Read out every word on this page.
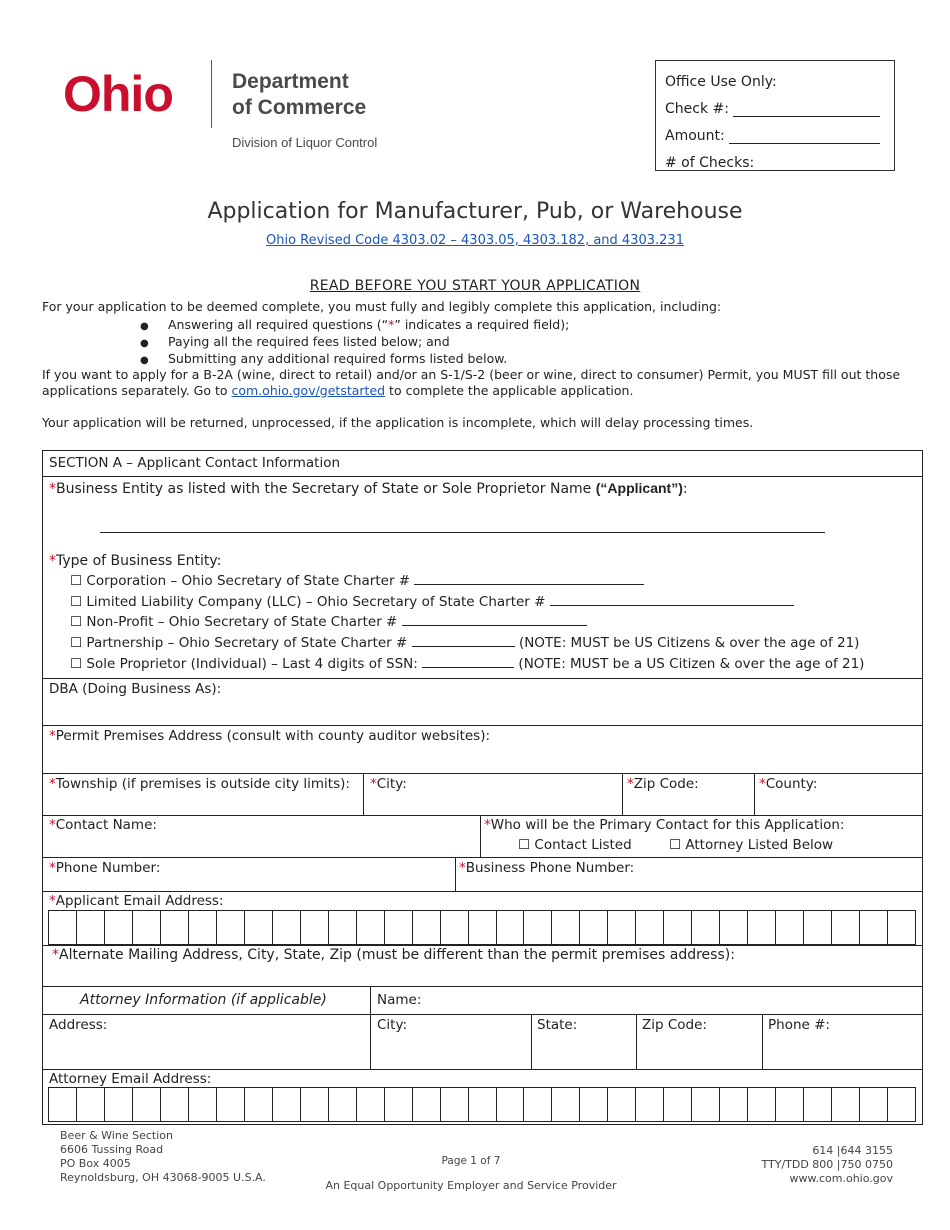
Ohio	Department
of Commerce
Division of Liquor Control
Office Use Only:
Check #:
Amount:
# of Checks:
Application for Manufacturer, Pub, or Warehouse
Ohio Revised Code 4303.02 – 4303.05, 4303.182, and 4303.231
READ BEFORE YOU START YOUR APPLICATION
For your application to be deemed complete, you must fully and legibly complete this application, including:
● Answering all required questions (“*” indicates a required field);
● Paying all the required fees listed below; and
● Submitting any additional required forms listed below.
If you want to apply for a B-2A (wine, direct to retail) and/or an S-1/S-2 (beer or wine, direct to consumer) Permit, you MUST fill out those
applications separately. Go to com.ohio.gov/getstarted to complete the applicable application.
Your application will be returned, unprocessed, if the application is incomplete, which will delay processing times.
SECTION A – Applicant Contact Information
*Business Entity as listed with the Secretary of State or Sole Proprietor Name (“Applicant”):
*Type of Business Entity:
☐ Corporation – Ohio Secretary of State Charter #
☐ Limited Liability Company (LLC) – Ohio Secretary of State Charter #
☐ Non-Profit – Ohio Secretary of State Charter #
☐ Partnership – Ohio Secretary of State Charter #	(NOTE: MUST be US Citizens & over the age of 21)
☐ Sole Proprietor (Individual) – Last 4 digits of SSN:	(NOTE: MUST be a US Citizen & over the age of 21)
DBA (Doing Business As):
*Permit Premises Address (consult with county auditor websites):
*Township (if premises is outside city limits): *City:	*Zip Code:	*County:
*Contact Name:	*Who will be the Primary Contact for this Application:
☐ Contact Listed	☐ Attorney Listed Below
*Phone Number:	*Business Phone Number:
*Applicant Email Address:
*Alternate Mailing Address, City, State, Zip (must be different than the permit premises address):
Attorney Information (if applicable)	Name:
Address:	City:	State:	Zip Code:	Phone #:
Attorney Email Address:
Beer & Wine Section
6606 Tussing Road
PO Box 4005
Reynoldsburg, OH 43068-9005 U.S.A.
Page 1 of 7
An Equal Opportunity Employer and Service Provider
614 |644 3155
TTY/TDD 800 |750 0750
www.com.ohio.gov
